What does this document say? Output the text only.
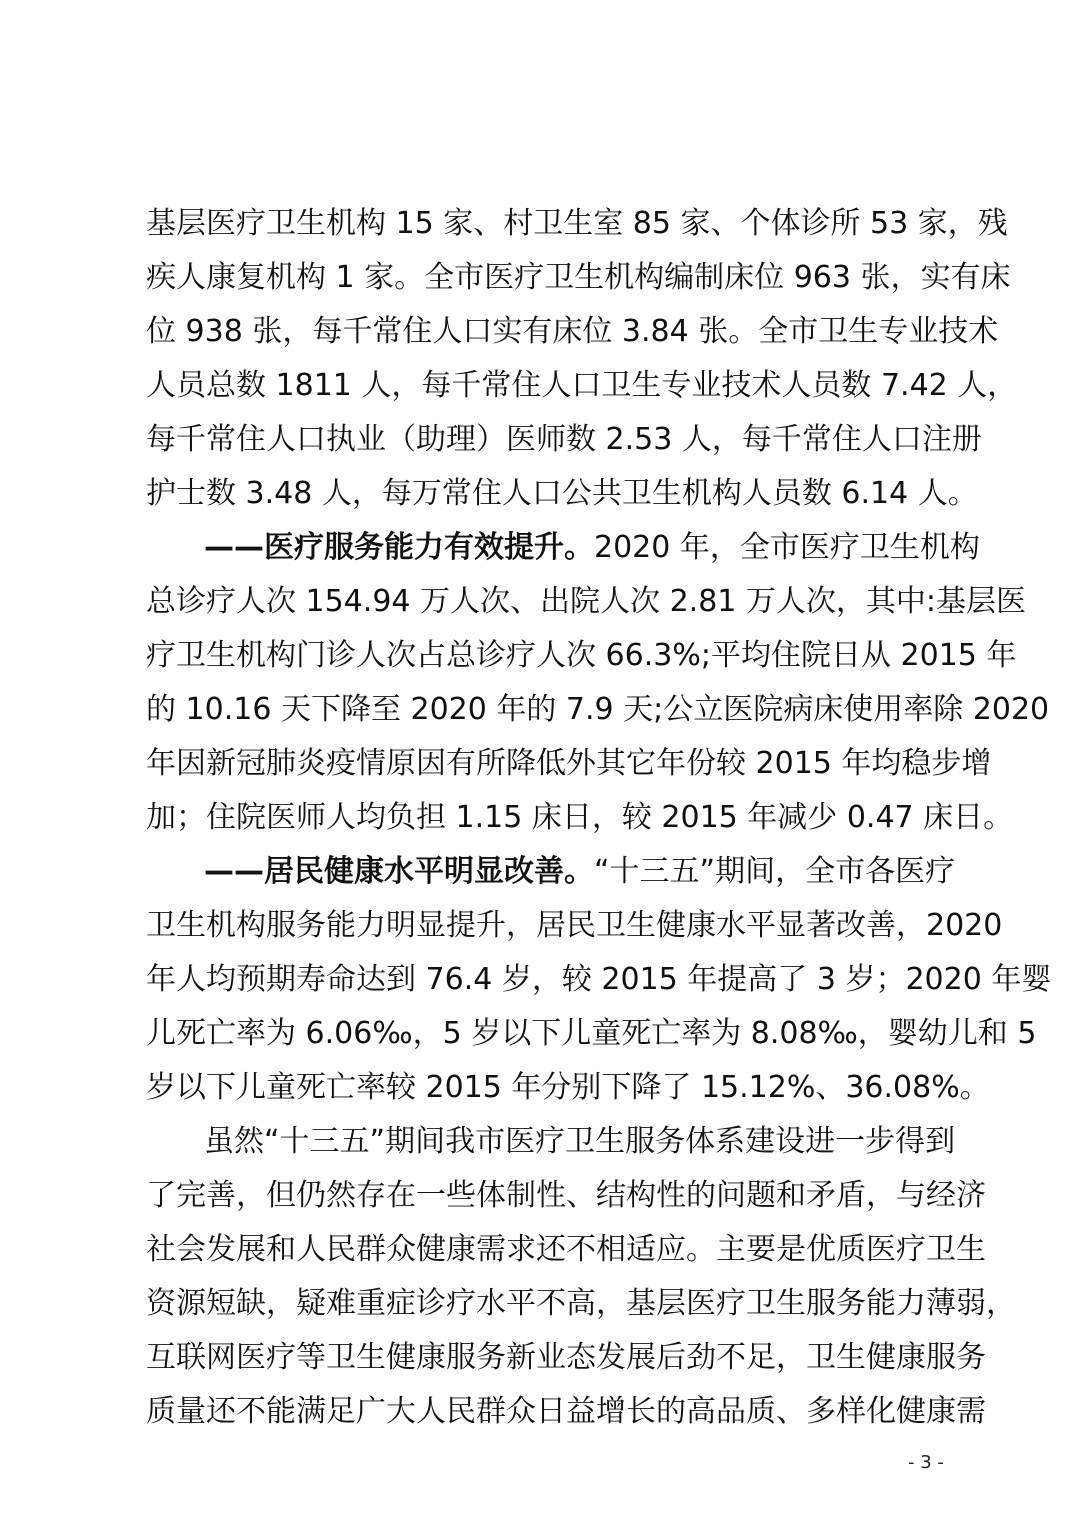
基层医疗卫生机构 15 家、村卫生室 85 家、个体诊所 53 家，残
疾人康复机构 1 家。全市医疗卫生机构编制床位 963 张，实有床
位 938 张，每千常住人口实有床位 3.84 张。全市卫生专业技术
人员总数 1811 人，每千常住人口卫生专业技术人员数 7.42 人，
每千常住人口执业（助理）医师数 2.53 人，每千常住人口注册
护士数 3.48 人，每万常住人口公共卫生机构人员数 6.14 人。
——医疗服务能力有效提升。2020 年，全市医疗卫生机构
总诊疗人次 154.94 万人次、出院人次 2.81 万人次，其中:基层医
疗卫生机构门诊人次占总诊疗人次 66.3%;平均住院日从 2015 年
的 10.16 天下降至 2020 年的 7.9 天;公立医院病床使用率除 2020
年因新冠肺炎疫情原因有所降低外其它年份较 2015 年均稳步增
加；住院医师人均负担 1.15 床日，较 2015 年减少 0.47 床日。
——居民健康水平明显改善。“十三五”期间，全市各医疗
卫生机构服务能力明显提升，居民卫生健康水平显著改善，2020
年人均预期寿命达到 76.4 岁，较 2015 年提高了 3 岁；2020 年婴
儿死亡率为 6.06‰，5 岁以下儿童死亡率为 8.08‰，婴幼儿和 5
岁以下儿童死亡率较 2015 年分别下降了 15.12%、36.08%。
虽然“十三五”期间我市医疗卫生服务体系建设进一步得到
了完善，但仍然存在一些体制性、结构性的问题和矛盾，与经济
社会发展和人民群众健康需求还不相适应。主要是优质医疗卫生
资源短缺，疑难重症诊疗水平不高，基层医疗卫生服务能力薄弱，
互联网医疗等卫生健康服务新业态发展后劲不足，卫生健康服务
质量还不能满足广大人民群众日益增长的高品质、多样化健康需
- 3 -
